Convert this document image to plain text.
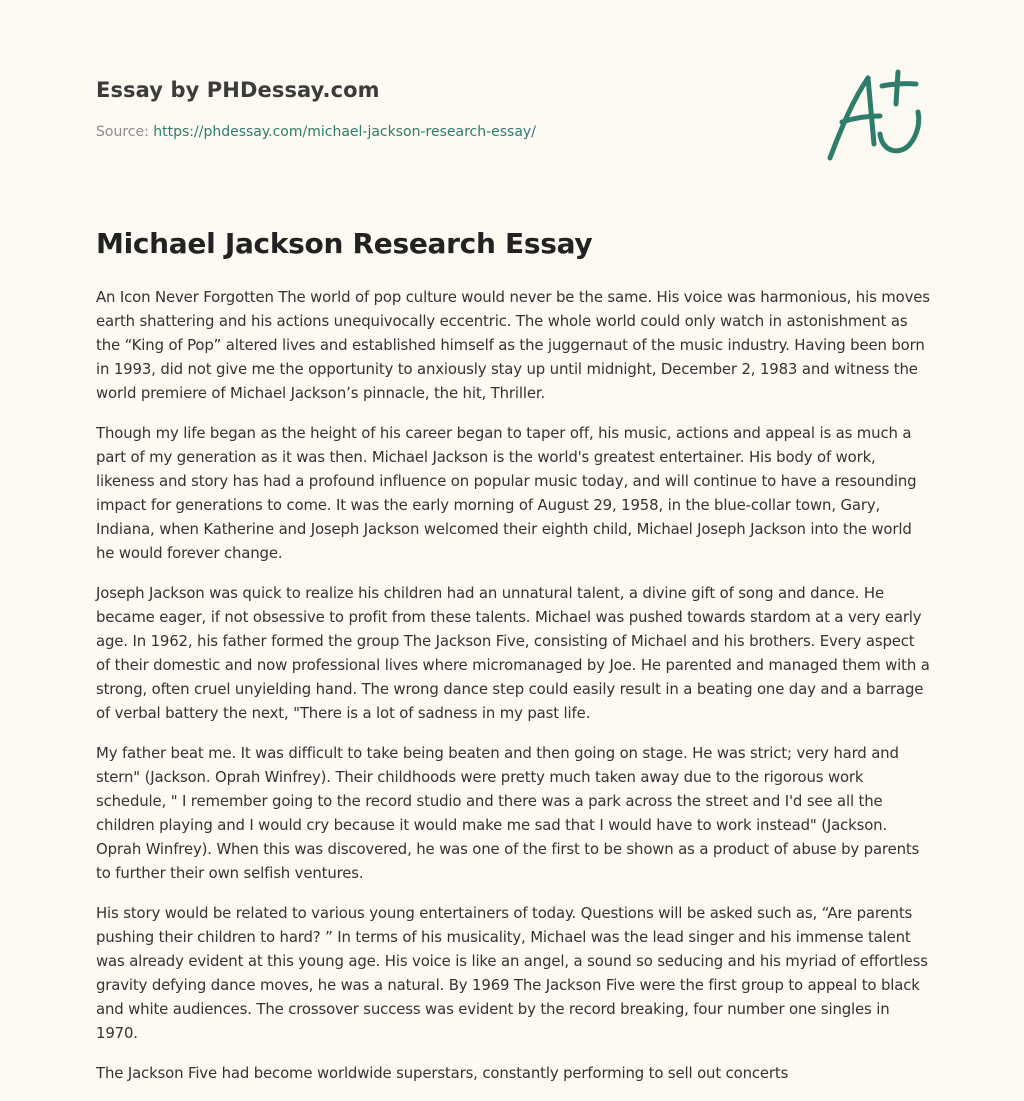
Essay by PHDessay.com
Source: https://phdessay.com/michael-jackson-research-essay/
Michael Jackson Research Essay

An Icon Never Forgotten The world of pop culture would never be the same. His voice was harmonious, his moves earth shattering and his actions unequivocally eccentric. The whole world could only watch in astonishment as the “King of Pop” altered lives and established himself as the juggernaut of the music industry. Having been born in 1993, did not give me the opportunity to anxiously stay up until midnight, December 2, 1983 and witness the world premiere of Michael Jackson’s pinnacle, the hit, Thriller.

Though my life began as the height of his career began to taper off, his music, actions and appeal is as much a part of my generation as it was then. Michael Jackson is the world's greatest entertainer. His body of work, likeness and story has had a profound influence on popular music today, and will continue to have a resounding impact for generations to come. It was the early morning of August 29, 1958, in the blue-collar town, Gary, Indiana, when Katherine and Joseph Jackson welcomed their eighth child, Michael Joseph Jackson into the world he would forever change.

Joseph Jackson was quick to realize his children had an unnatural talent, a divine gift of song and dance. He became eager, if not obsessive to profit from these talents. Michael was pushed towards stardom at a very early age. In 1962, his father formed the group The Jackson Five, consisting of Michael and his brothers. Every aspect of their domestic and now professional lives where micromanaged by Joe. He parented and managed them with a strong, often cruel unyielding hand. The wrong dance step could easily result in a beating one day and a barrage of verbal battery the next, "There is a lot of sadness in my past life.

My father beat me. It was difficult to take being beaten and then going on stage. He was strict; very hard and stern" (Jackson. Oprah Winfrey). Their childhoods were pretty much taken away due to the rigorous work schedule, " I remember going to the record studio and there was a park across the street and I'd see all the children playing and I would cry because it would make me sad that I would have to work instead" (Jackson. Oprah Winfrey). When this was discovered, he was one of the first to be shown as a product of abuse by parents to further their own selfish ventures.

His story would be related to various young entertainers of today. Questions will be asked such as, “Are parents pushing their children to hard? ” In terms of his musicality, Michael was the lead singer and his immense talent was already evident at this young age. His voice is like an angel, a sound so seducing and his myriad of effortless gravity defying dance moves, he was a natural. By 1969 The Jackson Five were the first group to appeal to black and white audiences. The crossover success was evident by the record breaking, four number one singles in 1970.

The Jackson Five had become worldwide superstars, constantly performing to sell out concerts
